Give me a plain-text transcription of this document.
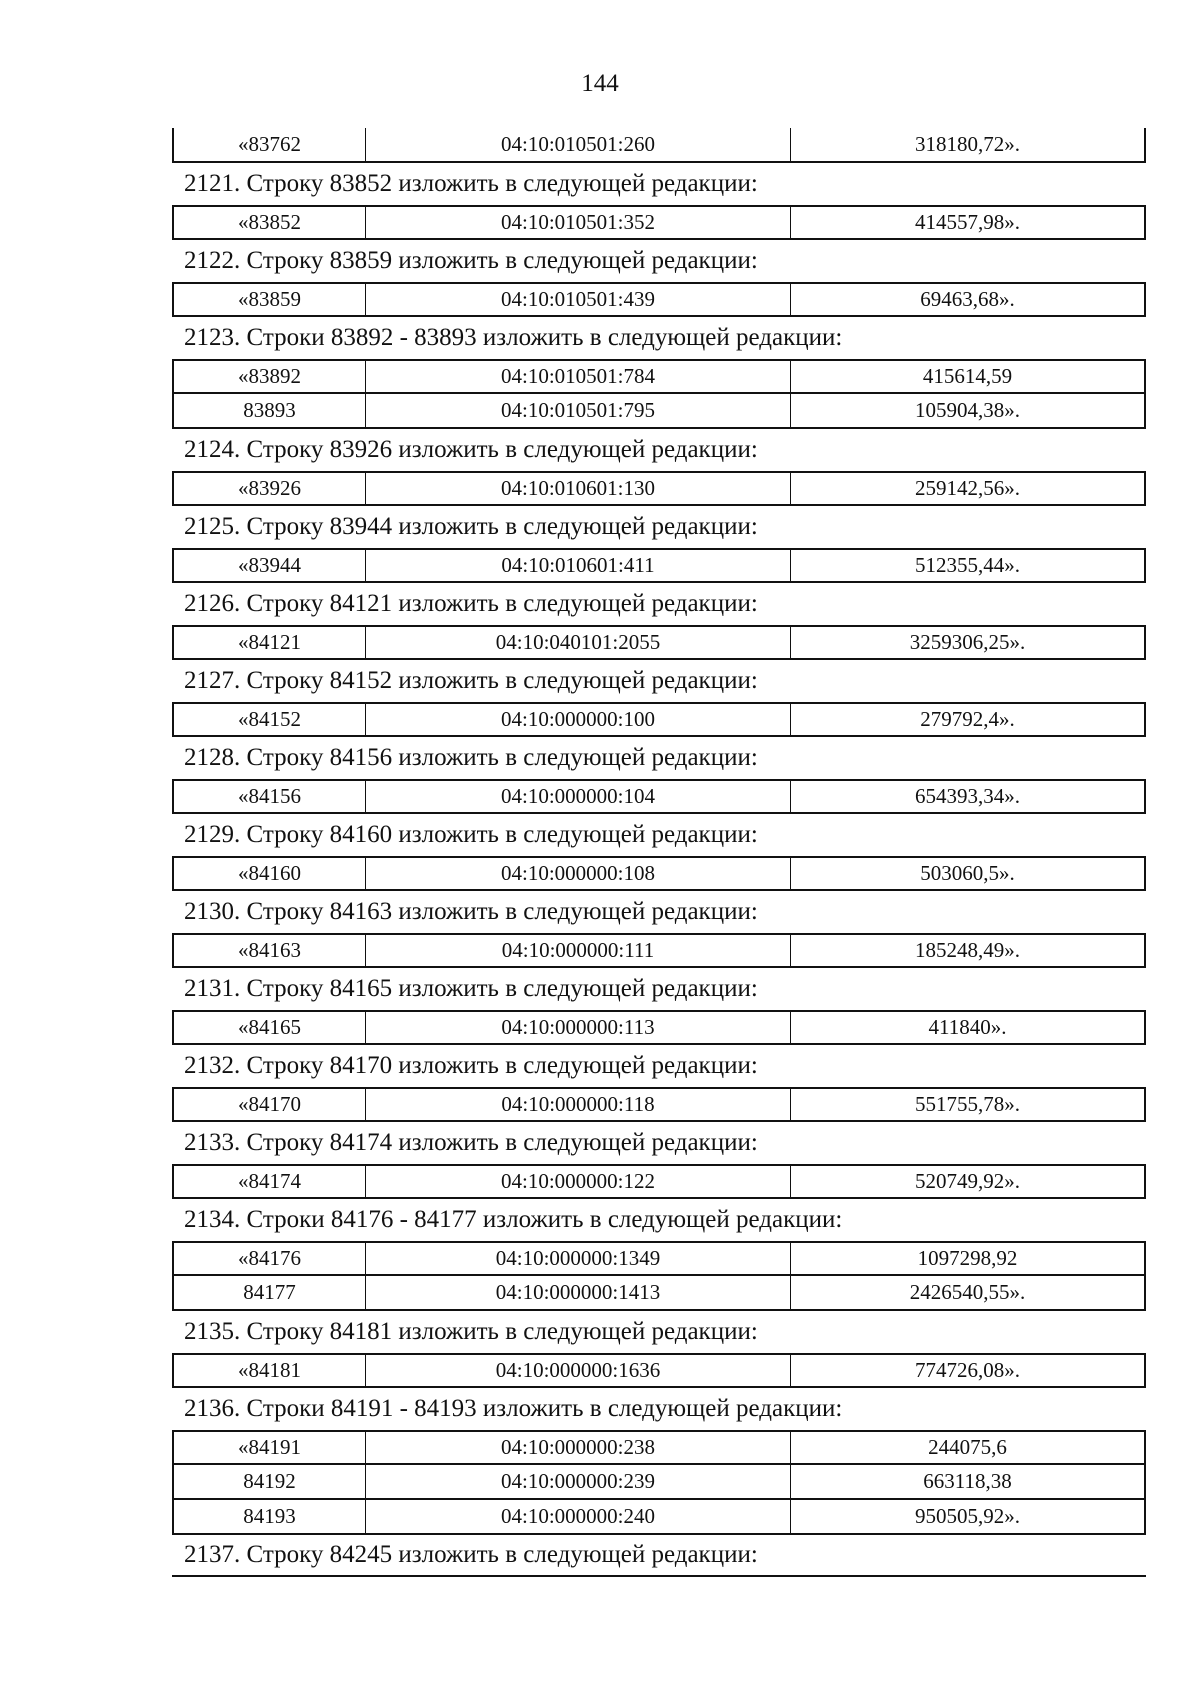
144
«83762	04:10:010501:260	318180,72».
2121. Строку 83852 изложить в следующей редакции:
«83852	04:10:010501:352	414557,98».
2122. Строку 83859 изложить в следующей редакции:
«83859	04:10:010501:439	69463,68».
2123. Строки 83892 - 83893 изложить в следующей редакции:
«83892	04:10:010501:784	415614,59
83893	04:10:010501:795	105904,38».
2124. Строку 83926 изложить в следующей редакции:
«83926	04:10:010601:130	259142,56».
2125. Строку 83944 изложить в следующей редакции:
«83944	04:10:010601:411	512355,44».
2126. Строку 84121 изложить в следующей редакции:
«84121	04:10:040101:2055	3259306,25».
2127. Строку 84152 изложить в следующей редакции:
«84152	04:10:000000:100	279792,4».
2128. Строку 84156 изложить в следующей редакции:
«84156	04:10:000000:104	654393,34».
2129. Строку 84160 изложить в следующей редакции:
«84160	04:10:000000:108	503060,5».
2130. Строку 84163 изложить в следующей редакции:
«84163	04:10:000000:111	185248,49».
2131. Строку 84165 изложить в следующей редакции:
«84165	04:10:000000:113	411840».
2132. Строку 84170 изложить в следующей редакции:
«84170	04:10:000000:118	551755,78».
2133. Строку 84174 изложить в следующей редакции:
«84174	04:10:000000:122	520749,92».
2134. Строки 84176 - 84177 изложить в следующей редакции:
«84176	04:10:000000:1349	1097298,92
84177	04:10:000000:1413	2426540,55».
2135. Строку 84181 изложить в следующей редакции:
«84181	04:10:000000:1636	774726,08».
2136. Строки 84191 - 84193 изложить в следующей редакции:
«84191	04:10:000000:238	244075,6
84192	04:10:000000:239	663118,38
84193	04:10:000000:240	950505,92».
2137. Строку 84245 изложить в следующей редакции:
